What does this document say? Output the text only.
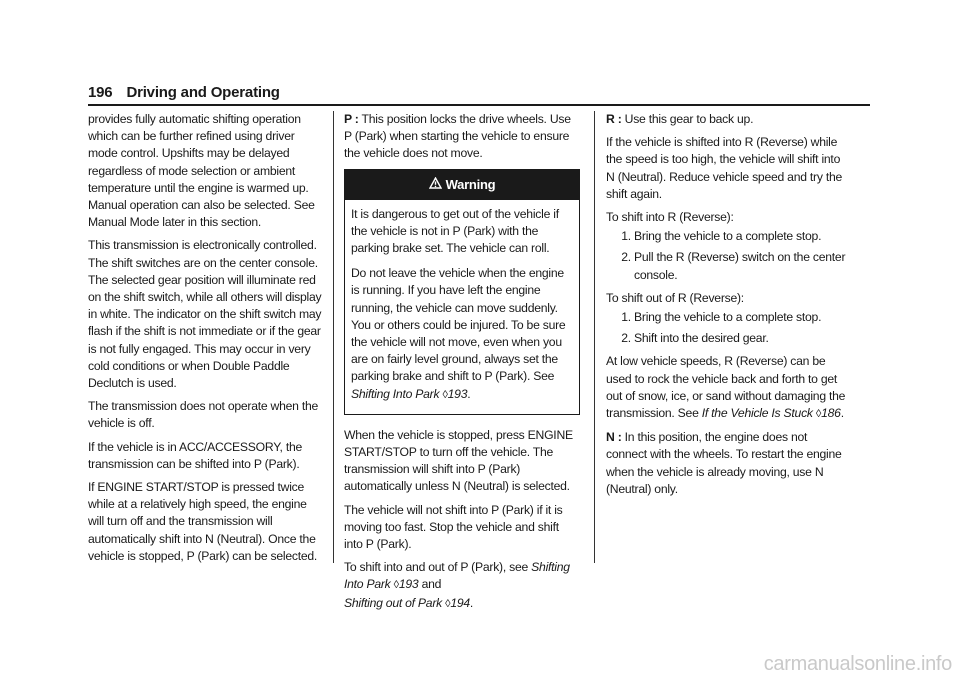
196 Driving and Operating

provides fully automatic shifting operation which can be further refined using driver mode control. Upshifts may be delayed regardless of mode selection or ambient temperature until the engine is warmed up. Manual operation can also be selected. See Manual Mode later in this section.

This transmission is electronically controlled. The shift switches are on the center console. The selected gear position will illuminate red on the shift switch, while all others will display in white. The indicator on the shift switch may flash if the shift is not immediate or if the gear is not fully engaged. This may occur in very cold conditions or when Double Paddle Declutch is used.

The transmission does not operate when the vehicle is off.

If the vehicle is in ACC/ACCESSORY, the transmission can be shifted into P (Park).

If ENGINE START/STOP is pressed twice while at a relatively high speed, the engine will turn off and the transmission will automatically shift into N (Neutral). Once the vehicle is stopped, P (Park) can be selected.

P : This position locks the drive wheels. Use P (Park) when starting the vehicle to ensure the vehicle does not move.

Warning

It is dangerous to get out of the vehicle if the vehicle is not in P (Park) with the parking brake set. The vehicle can roll.

Do not leave the vehicle when the engine is running. If you have left the engine running, the vehicle can move suddenly. You or others could be injured. To be sure the vehicle will not move, even when you are on fairly level ground, always set the parking brake and shift to P (Park). See Shifting Into Park ◊193.

When the vehicle is stopped, press ENGINE START/STOP to turn off the vehicle. The transmission will shift into P (Park) automatically unless N (Neutral) is selected.

The vehicle will not shift into P (Park) if it is moving too fast. Stop the vehicle and shift into P (Park).

To shift into and out of P (Park), see Shifting Into Park ◊193 and
Shifting out of Park ◊194.

R : Use this gear to back up.

If the vehicle is shifted into R (Reverse) while the speed is too high, the vehicle will shift into N (Neutral). Reduce vehicle speed and try the shift again.

To shift into R (Reverse):

1. Bring the vehicle to a complete stop.
2. Pull the R (Reverse) switch on the center console.

To shift out of R (Reverse):

1. Bring the vehicle to a complete stop.
2. Shift into the desired gear.

At low vehicle speeds, R (Reverse) can be used to rock the vehicle back and forth to get out of snow, ice, or sand without damaging the transmission. See If the Vehicle Is Stuck ◊186.

N : In this position, the engine does not connect with the wheels. To restart the engine when the vehicle is already moving, use N (Neutral) only.

carmanualsonline.info
